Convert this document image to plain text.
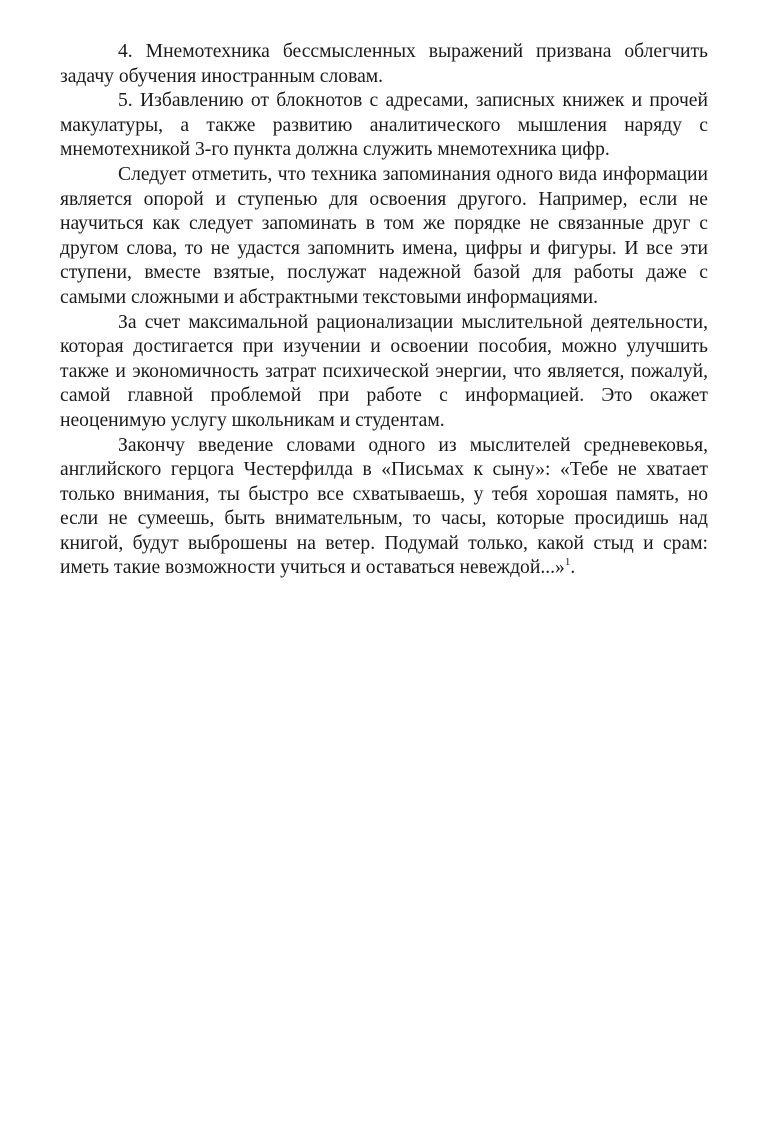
4. Мнемотехника бессмысленных выражений призвана облегчить задачу обучения иностранным словам.

5. Избавлению от блокнотов с адресами, записных книжек и прочей макулатуры, а также развитию аналитического мышления наряду с мнемотехникой 3-го пункта должна служить мнемотехника цифр.

Следует отметить, что техника запоминания одного вида информации является опорой и ступенью для освоения другого. Например, если не научиться как следует запоминать в том же порядке не связанные друг с другом слова, то не удастся запомнить имена, цифры и фигуры. И все эти ступени, вместе взятые, послужат надежной базой для работы даже с самыми сложными и абстрактными текстовыми информациями.

За счет максимальной рационализации мыслительной деятельности, которая достигается при изучении и освоении пособия, можно улучшить также и экономичность затрат психической энергии, что является, пожалуй, самой главной проблемой при работе с информацией. Это окажет неоценимую услугу школьникам и студентам.

Закончу введение словами одного из мыслителей средневековья, английского герцога Честерфилда в «Письмах к сыну»: «Тебе не хватает только внимания, ты быстро все схватываешь, у тебя хорошая память, но если не сумеешь, быть внимательным, то часы, которые просидишь над книгой, будут выброшены на ветер. Подумай только, какой стыд и срам: иметь такие возможности учиться и оставаться невеждой...»$^1$.
